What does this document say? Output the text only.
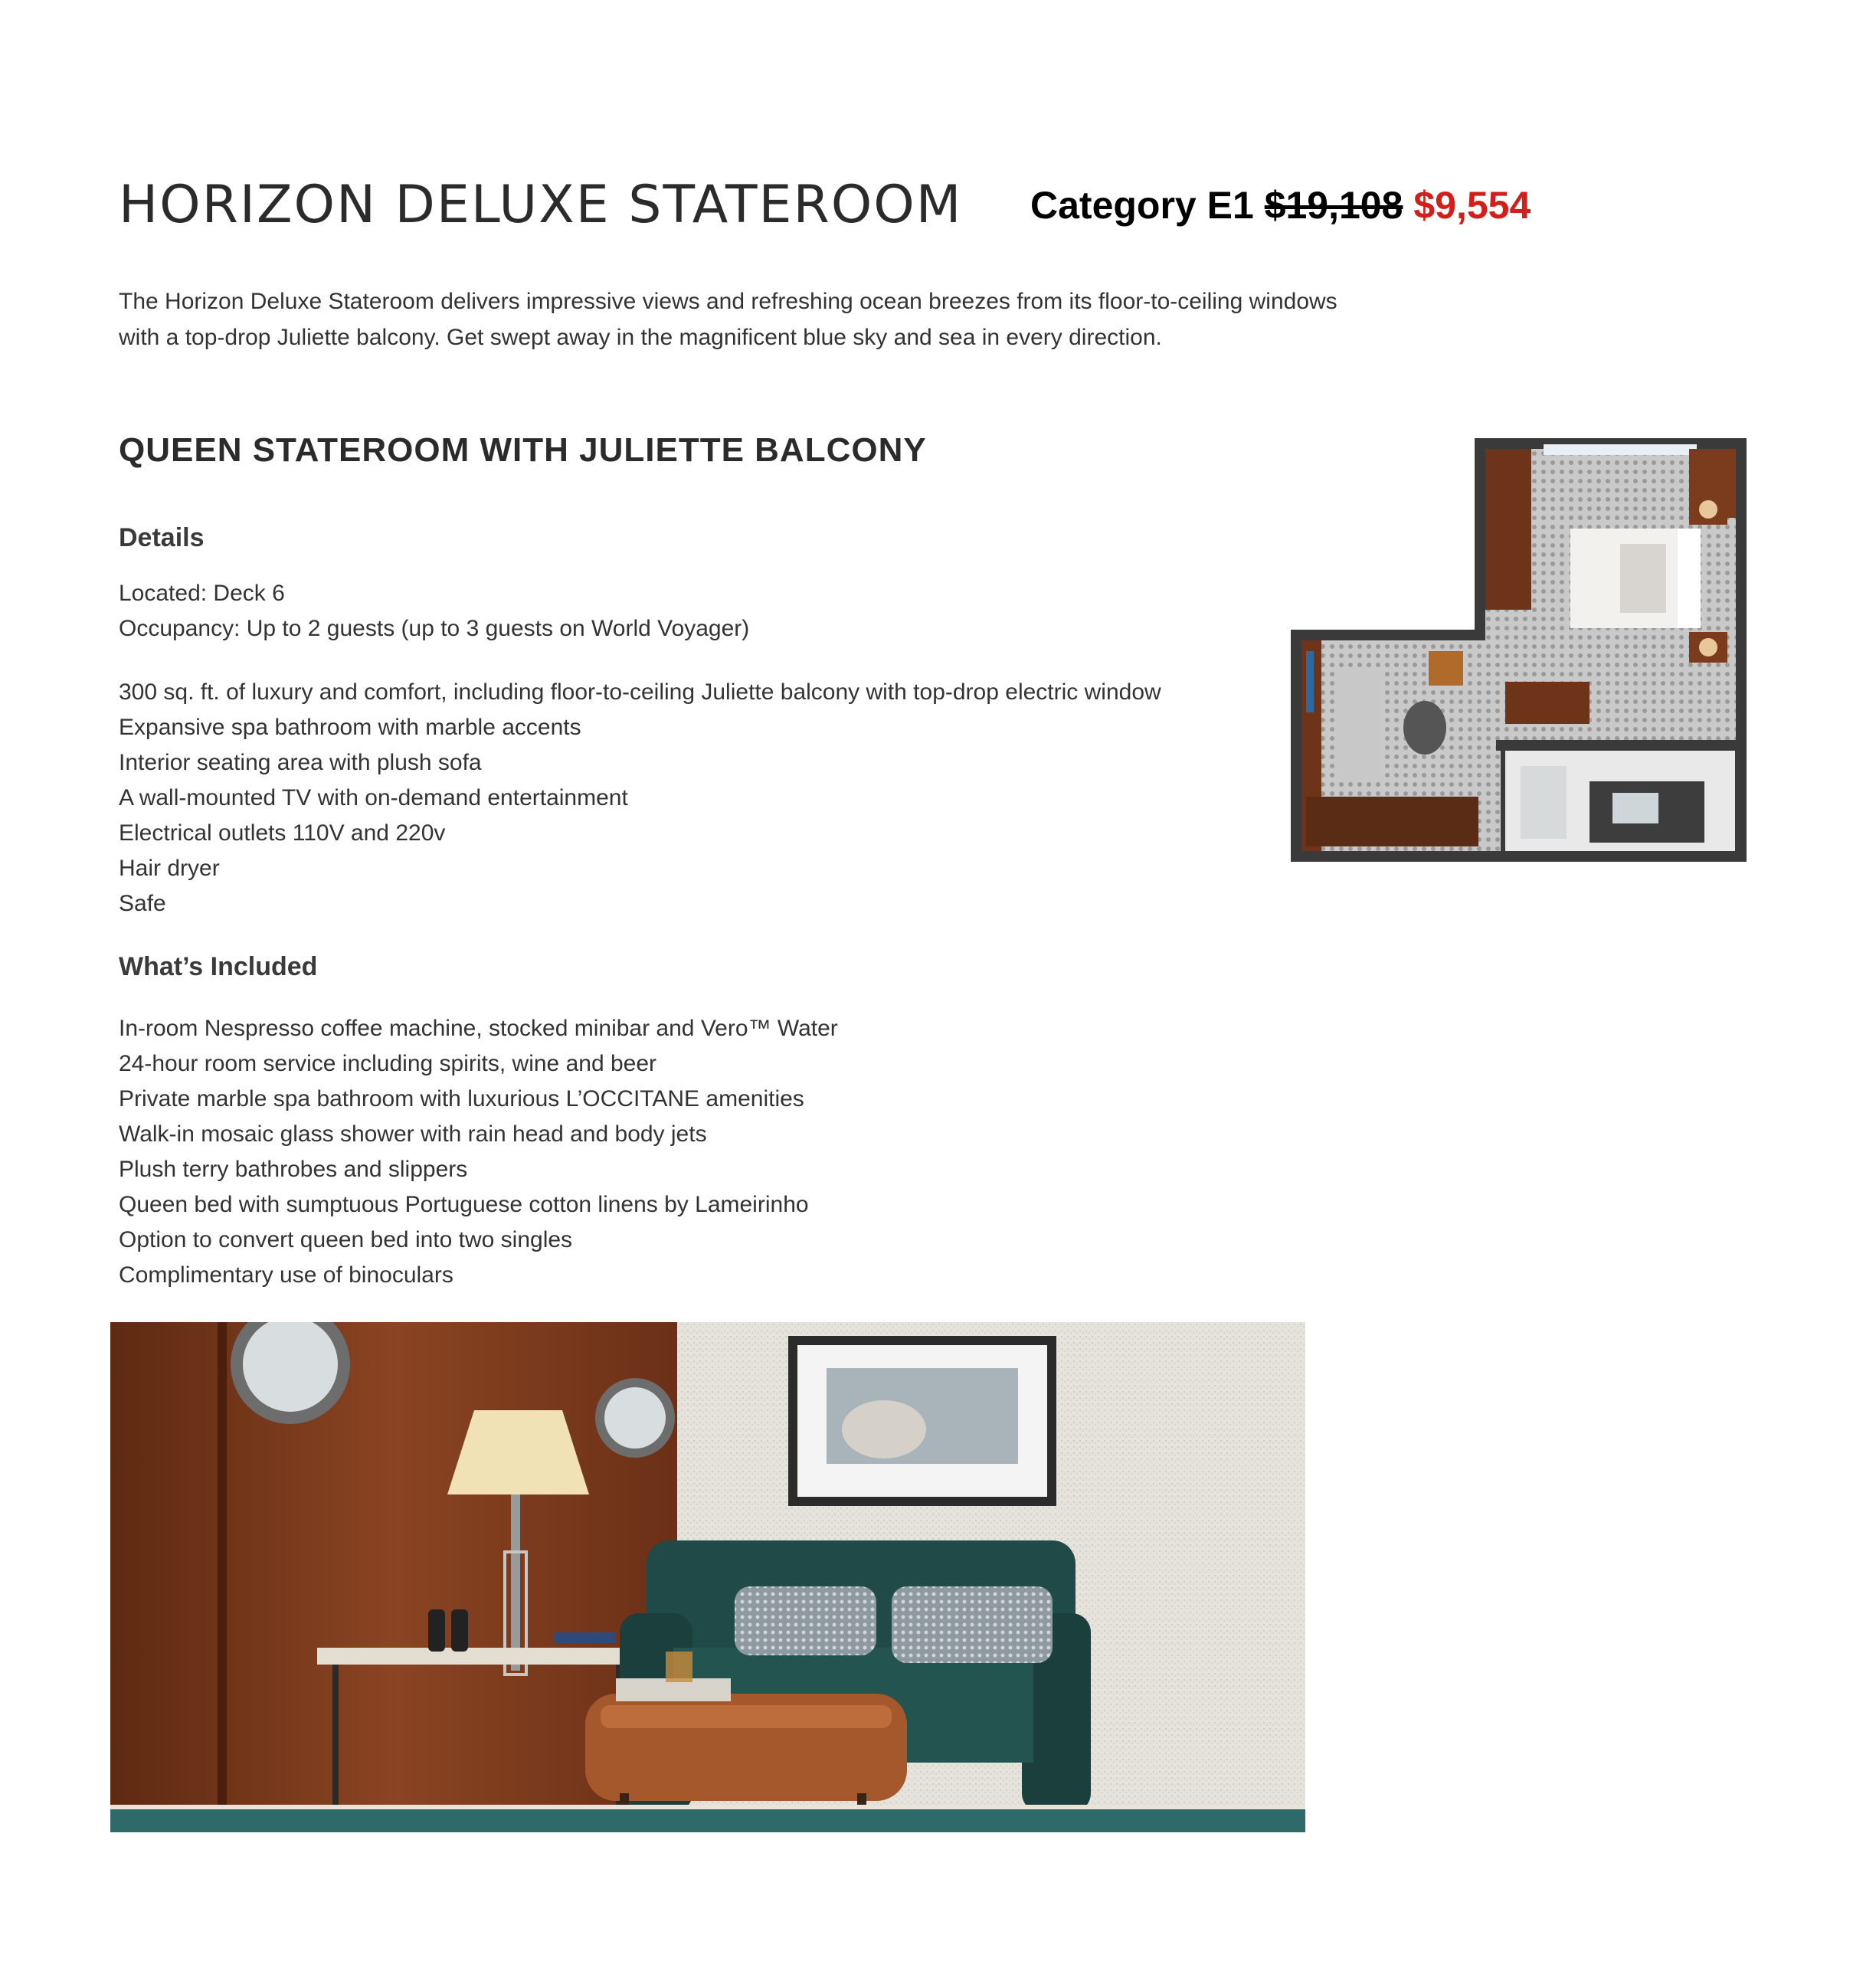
HORIZON DELUXE STATEROOM Category E1 $19,108 $9,554
The Horizon Deluxe Stateroom delivers impressive views and refreshing ocean breezes from its floor-to-ceiling windows with a top-drop Juliette balcony. Get swept away in the magnificent blue sky and sea in every direction.
QUEEN STATEROOM WITH JULIETTE BALCONY
Details
Located: Deck 6
Occupancy: Up to 2 guests (up to 3 guests on World Voyager)
300 sq. ft. of luxury and comfort, including floor-to-ceiling Juliette balcony with top-drop electric window
Expansive spa bathroom with marble accents
Interior seating area with plush sofa
A wall-mounted TV with on-demand entertainment
Electrical outlets 110V and 220v
Hair dryer
Safe
What’s Included
In-room Nespresso coffee machine, stocked minibar and Vero™ Water
24-hour room service including spirits, wine and beer
Private marble spa bathroom with luxurious L’OCCITANE amenities
Walk-in mosaic glass shower with rain head and body jets
Plush terry bathrobes and slippers
Queen bed with sumptuous Portuguese cotton linens by Lameirinho
Option to convert queen bed into two singles
Complimentary use of binoculars
